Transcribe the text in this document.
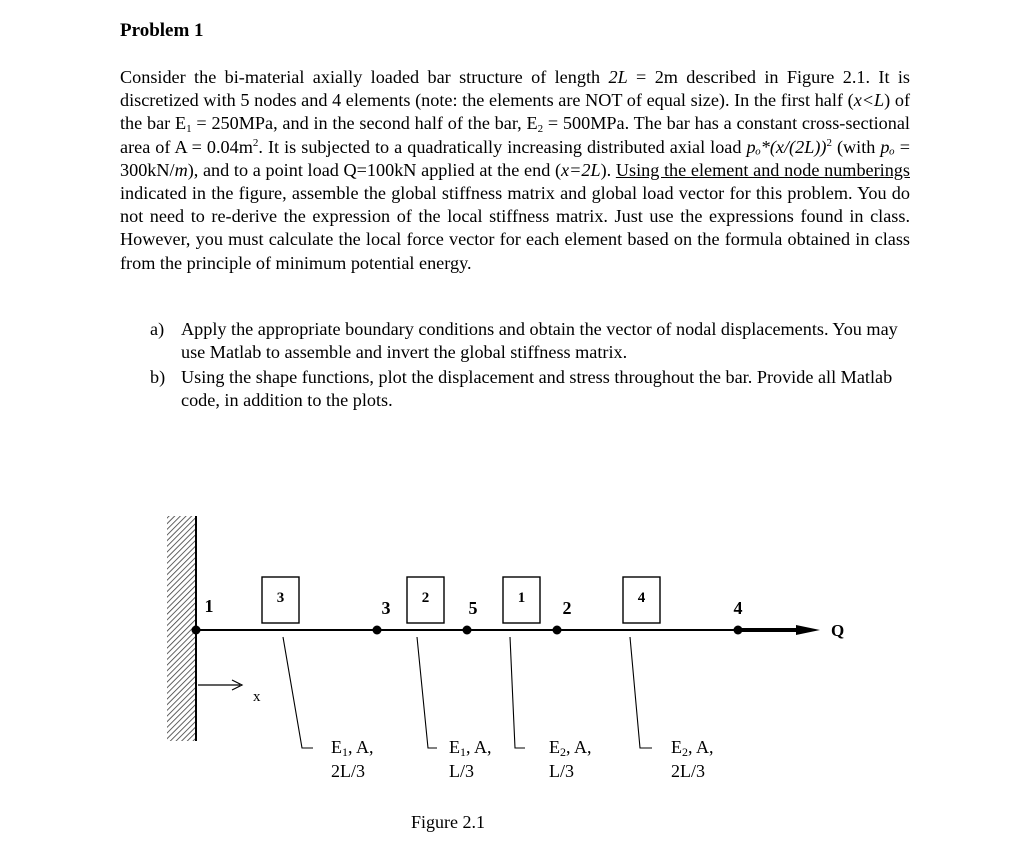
Problem 1

Consider the bi-material axially loaded bar structure of length 2L = 2m described in Figure 2.1. It is discretized with 5 nodes and 4 elements (note: the elements are NOT of equal size). In the first half (x<L) of the bar $E_1 = 250MPa$, and in the second half of the bar, $E_2 = 500MPa$. The bar has a constant cross-sectional area of $A = 0.04m^2$. It is subjected to a quadratically increasing distributed axial load $p_o*(x/(2L))^2$ (with pₒ = 300kN/m), and to a point load Q=100kN applied at the end (x=2L). Using the element and node numberings indicated in the figure, assemble the global stiffness matrix and global load vector for this problem. You do not need to re-derive the expression of the local stiffness matrix. Just use the expressions found in class. However, you must calculate the local force vector for each element based on the formula obtained in class from the principle of minimum potential energy.

a) Apply the appropriate boundary conditions and obtain the vector of nodal displacements. You may use Matlab to assemble and invert the global stiffness matrix.
b) Using the shape functions, plot the displacement and stress throughout the bar. Provide all Matlab code, in addition to the plots.
1	3	5	2	4
3	2	1	4
E1, A,
2L/3
E1, A,
L/3
E2, A,
L/3
E2, A,
2L/3
x
Q
Figure 2.1
